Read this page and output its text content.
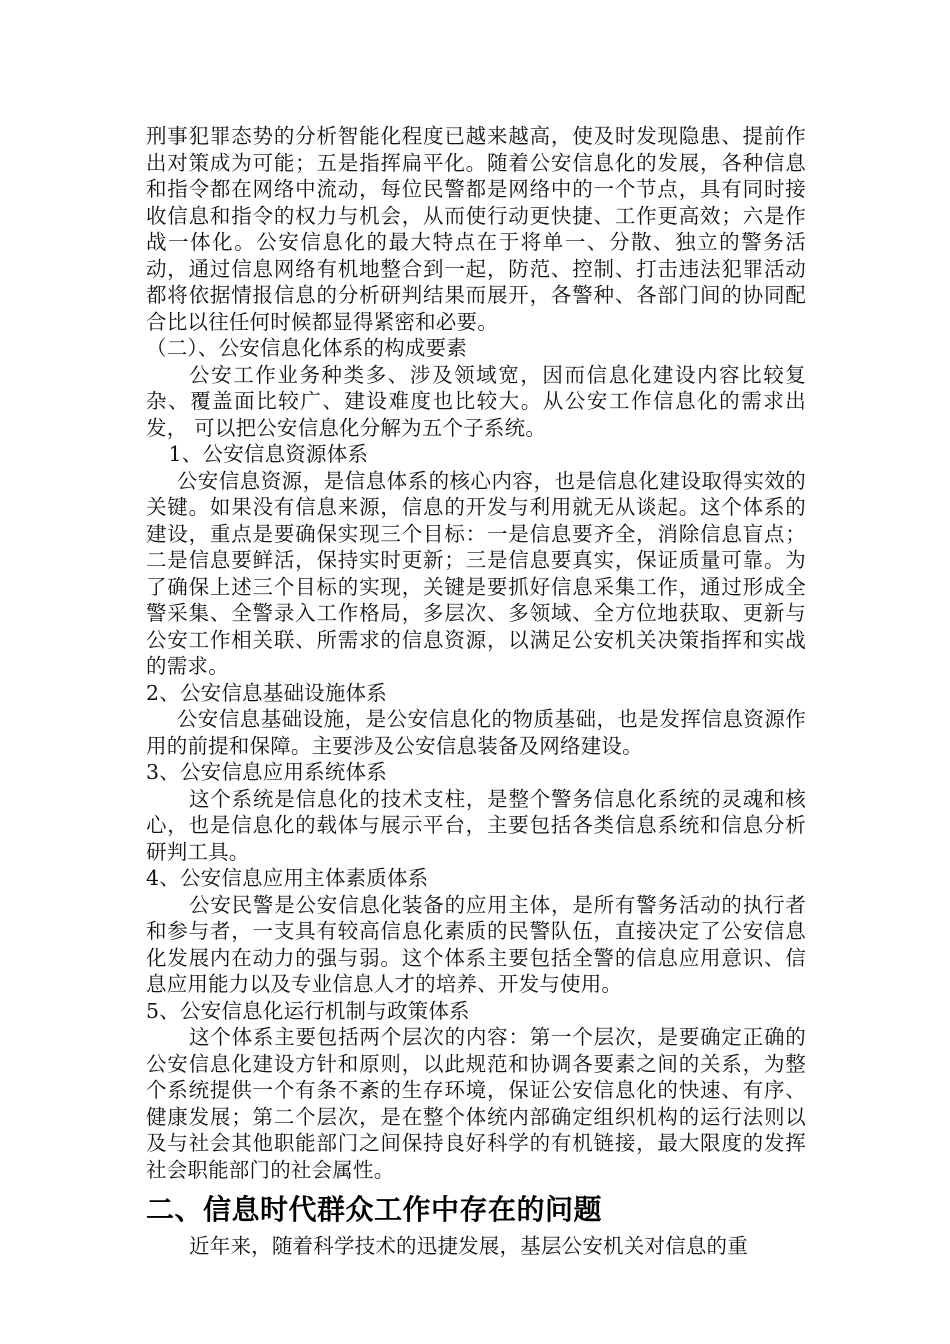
刑事犯罪态势的分析智能化程度已越来越高，使及时发现隐患、提前作出对策成为可能；五是指挥扁平化。随着公安信息化的发展，各种信息和指令都在网络中流动，每位民警都是网络中的一个节点，具有同时接收信息和指令的权力与机会，从而使行动更快捷、工作更高效；六是作战一体化。公安信息化的最大特点在于将单一、分散、独立的警务活动，通过信息网络有机地整合到一起，防范、控制、打击违法犯罪活动都将依据情报信息的分析研判结果而展开，各警种、各部门间的协同配合比以往任何时候都显得紧密和必要。

（二）、公安信息化体系的构成要素

公安工作业务种类多、涉及领域宽，因而信息化建设内容比较复杂、覆盖面比较广、建设难度也比较大。从公安工作信息化的需求出发， 可以把公安信息化分解为五个子系统。

1、公安信息资源体系

公安信息资源，是信息体系的核心内容，也是信息化建设取得实效的关键。如果没有信息来源，信息的开发与利用就无从谈起。这个体系的建设，重点是要确保实现三个目标：一是信息要齐全，消除信息盲点；二是信息要鲜活，保持实时更新；三是信息要真实，保证质量可靠。为了确保上述三个目标的实现，关键是要抓好信息采集工作，通过形成全警采集、全警录入工作格局，多层次、多领域、全方位地获取、更新与公安工作相关联、所需求的信息资源，以满足公安机关决策指挥和实战的需求。

2、公安信息基础设施体系

公安信息基础设施，是公安信息化的物质基础，也是发挥信息资源作用的前提和保障。主要涉及公安信息装备及网络建设。

3、公安信息应用系统体系

这个系统是信息化的技术支柱，是整个警务信息化系统的灵魂和核心，也是信息化的载体与展示平台，主要包括各类信息系统和信息分析研判工具。

4、公安信息应用主体素质体系

公安民警是公安信息化装备的应用主体，是所有警务活动的执行者和参与者，一支具有较高信息化素质的民警队伍，直接决定了公安信息化发展内在动力的强与弱。这个体系主要包括全警的信息应用意识、信息应用能力以及专业信息人才的培养、开发与使用。

5、公安信息化运行机制与政策体系

这个体系主要包括两个层次的内容：第一个层次，是要确定正确的公安信息化建设方针和原则，以此规范和协调各要素之间的关系，为整个系统提供一个有条不紊的生存环境，保证公安信息化的快速、有序、健康发展；第二个层次，是在整个体统内部确定组织机构的运行法则以及与社会其他职能部门之间保持良好科学的有机链接，最大限度的发挥社会职能部门的社会属性。

二、信息时代群众工作中存在的问题

近年来，随着科学技术的迅捷发展，基层公安机关对信息的重
